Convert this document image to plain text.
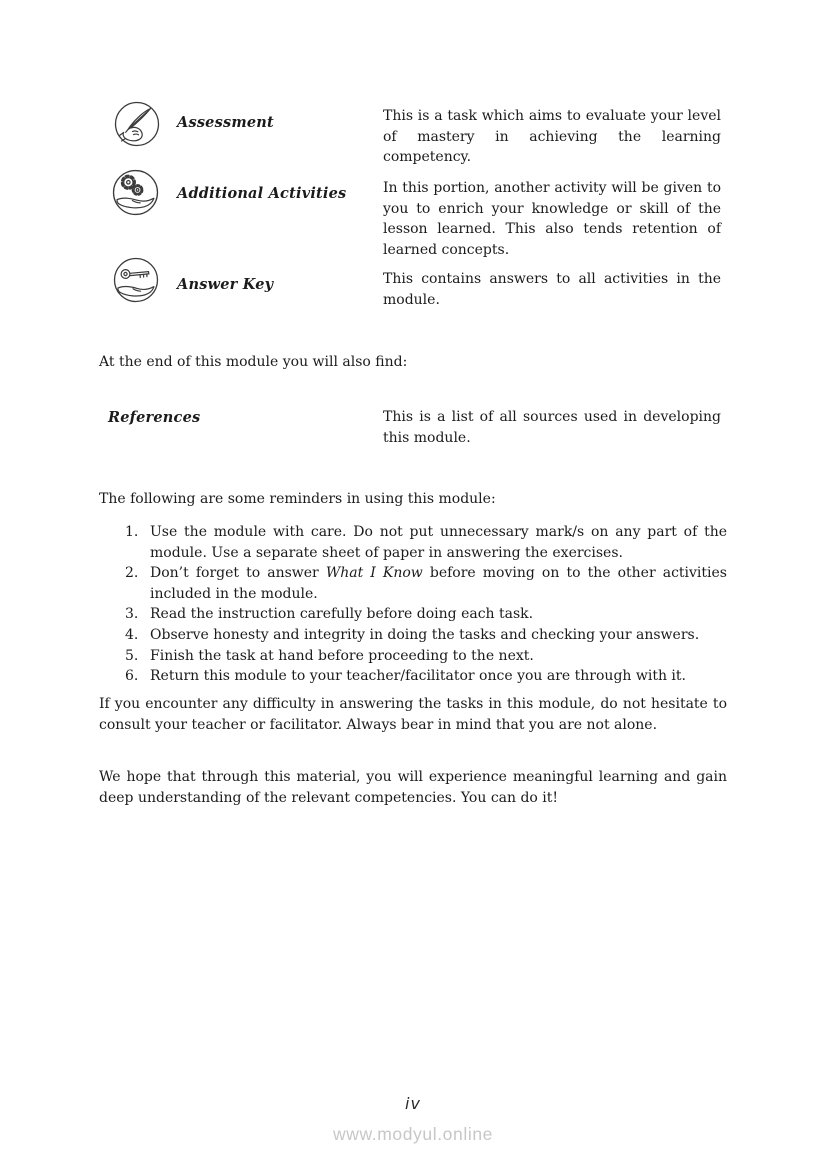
Assessment	This is a task which aims to evaluate your level of mastery in achieving the learning competency.
Additional Activities	In this portion, another activity will be given to you to enrich your knowledge or skill of the lesson learned. This also tends retention of learned concepts.
Answer Key	This contains answers to all activities in the module.
At the end of this module you will also find:
References	This is a list of all sources used in developing this module.
The following are some reminders in using this module:
1. Use the module with care. Do not put unnecessary mark/s on any part of the module. Use a separate sheet of paper in answering the exercises.
2. Don’t forget to answer What I Know before moving on to the other activities included in the module.
3. Read the instruction carefully before doing each task.
4. Observe honesty and integrity in doing the tasks and checking your answers.
5. Finish the task at hand before proceeding to the next.
6. Return this module to your teacher/facilitator once you are through with it.

If you encounter any difficulty in answering the tasks in this module, do not hesitate to consult your teacher or facilitator. Always bear in mind that you are not alone.

We hope that through this material, you will experience meaningful learning and gain deep understanding of the relevant competencies. You can do it!

iv
www.modyul.online
